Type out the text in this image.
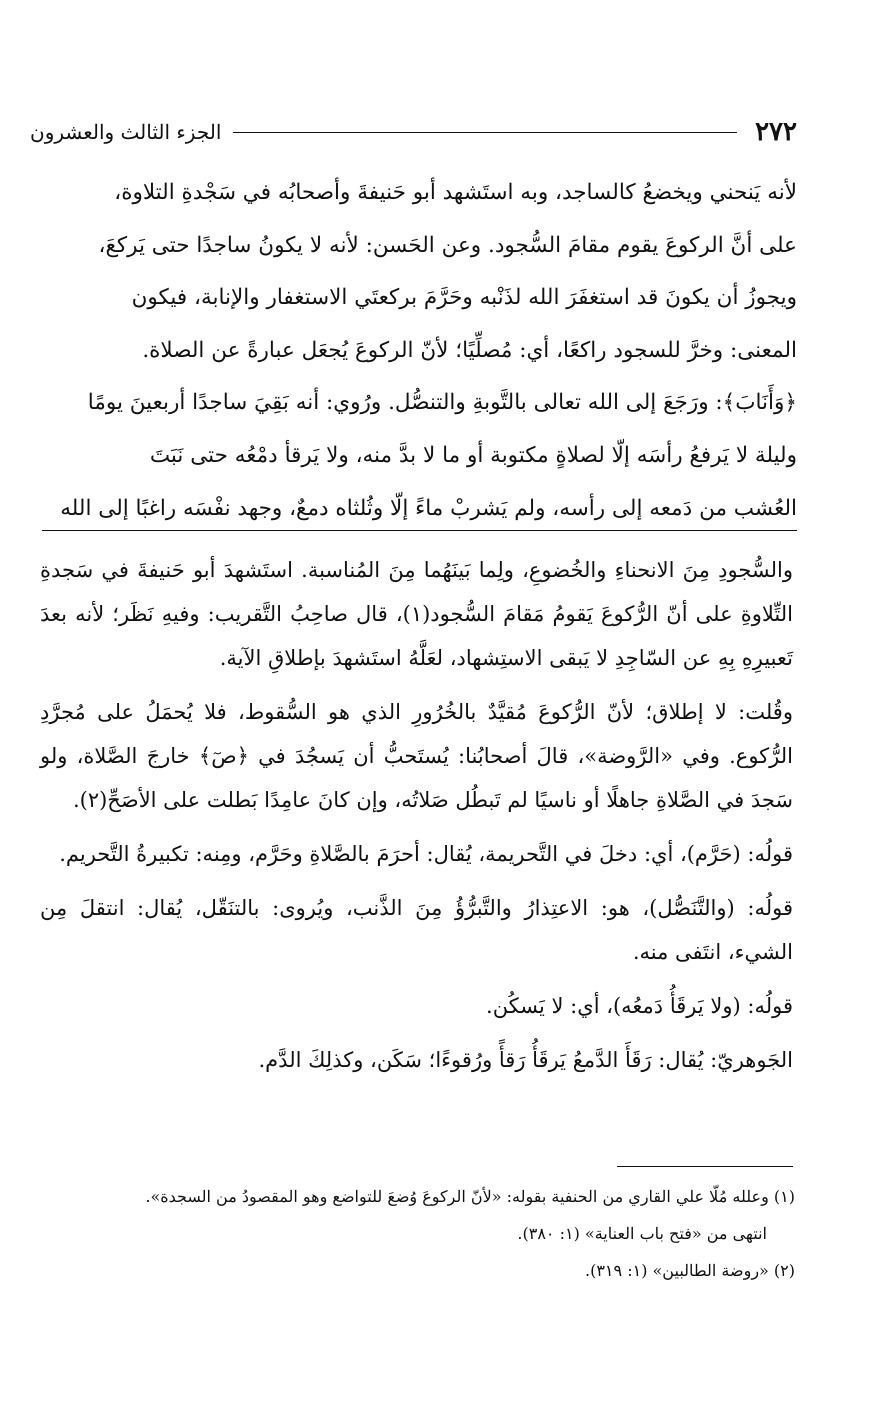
٢٧٢
الجزء الثالث والعشرون

لأنه يَنحني ويخضعُ كالساجد، وبه استَشهد أبو حَنيفةَ وأصحابُه في سَجْدةِ التلاوة،

على أنَّ الركوعَ يقوم مقامَ السُّجود. وعن الحَسن: لأنه لا يكونُ ساجدًا حتى يَركعَ،

ويجوزُ أن يكونَ قد استغفَرَ الله لذَنْبه وحَرَّمَ بركعتَي الاستغفار والإنابة، فيكون

المعنى: وخرَّ للسجود راكعًا، أي: مُصلِّيًا؛ لأنّ الركوعَ يُجعَل عبارةً عن الصلاة.

﴿وَأَنَابَ﴾: ورَجَعَ إلى الله تعالى بالتَّوبةِ والتنصُّل. ورُوي: أنه بَقِيَ ساجدًا أربعينَ يومًا

وليلة لا يَرفعُ رأسَه إلّا لصلاةٍ مكتوبة أو ما لا بدَّ منه، ولا يَرقأ دمْعُه حتى نَبَتَ

العُشب من دَمعه إلى رأسه، ولم يَشربْ ماءً إلّا وثُلثاه دمعٌ، وجهد نفْسَه راغبًا إلى الله

والسُّجودِ مِنَ الانحناءِ والخُضوعِ، ولِما بَينَهُما مِنَ المُناسبة. استَشهدَ أبو حَنيفةَ في سَجدةِ التِّلاوةِ على أنّ الرُّكوعَ يَقومُ مَقامَ السُّجود(١)، قال صاحِبُ التَّقريب: وفيهِ نَظَر؛ لأنه بعدَ تَعبيرِهِ بِهِ عن السّاجِدِ لا يَبقى الاستِشهاد، لعَلَّهُ استَشهدَ بإطلاقِ الآية.

وقُلت: لا إطلاق؛ لأنّ الرُّكوعَ مُقيَّدٌ بالخُرُورِ الذي هو السُّقوط، فلا يُحمَلُ على مُجرَّدِ الرُّكوع. وفي «الرَّوضة»، قالَ أصحابُنا: يُستَحبُّ أن يَسجُدَ في ﴿صٓ﴾ خارجَ الصَّلاة، ولو سَجدَ في الصَّلاةِ جاهلًا أو ناسيًا لم تَبطُل صَلاتُه، وإن كانَ عامِدًا بَطلت على الأصَحِّ(٢).

قولُه: (حَرَّم)، أي: دخلَ في التَّحريمة، يُقال: أحرَمَ بالصَّلاةِ وحَرَّم، ومِنه: تكبيرةُ التَّحريم.

قولُه: (والتَّنَصُّل)، هو: الاعتِذارُ والتَّبرُّؤُ مِنَ الذَّنب، ويُروى: بالتنَقّل، يُقال: انتقلَ مِن الشيء، انتَفى منه.

قولُه: (ولا يَرقَأُ دَمعُه)، أي: لا يَسكُن.

الجَوهريّ: يُقال: رَقَأَ الدَّمعُ يَرقَأُ رَقأً ورُقوءًا؛ سَكَن، وكذلِكَ الدَّم.

(١) وعلله مُلّا علي القاري من الحنفية بقوله: «لأنّ الركوعَ وُضعَ للتواضع وهو المقصودُ من السجدة».

انتهى من «فتح باب العناية» (١: ٣٨٠).

(٢) «روضة الطالبين» (١: ٣١٩).
